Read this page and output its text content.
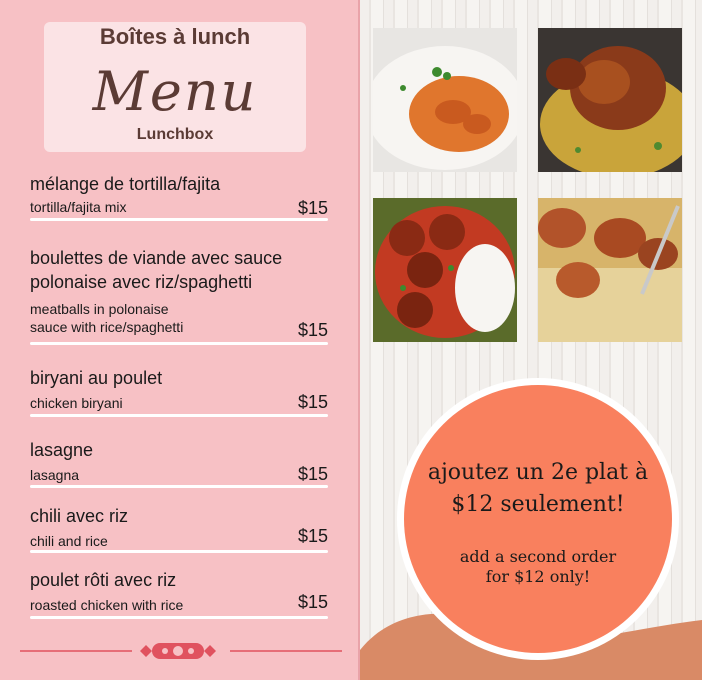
Boîtes à lunch
Menu
Lunchbox
mélange de tortilla/fajita
tortilla/fajita mix	$15
boulettes de viande avec sauce
polonaise avec riz/spaghetti
meatballs in polonaise
sauce with rice/spaghetti	$15
biryani au poulet
chicken biryani	$15
lasagne
lasagna	$15
chili avec riz
chili and rice	$15
poulet rôti avec riz
roasted chicken with rice	$15
ajoutez un 2e plat à
$12 seulement!
add a second order
for $12 only!
